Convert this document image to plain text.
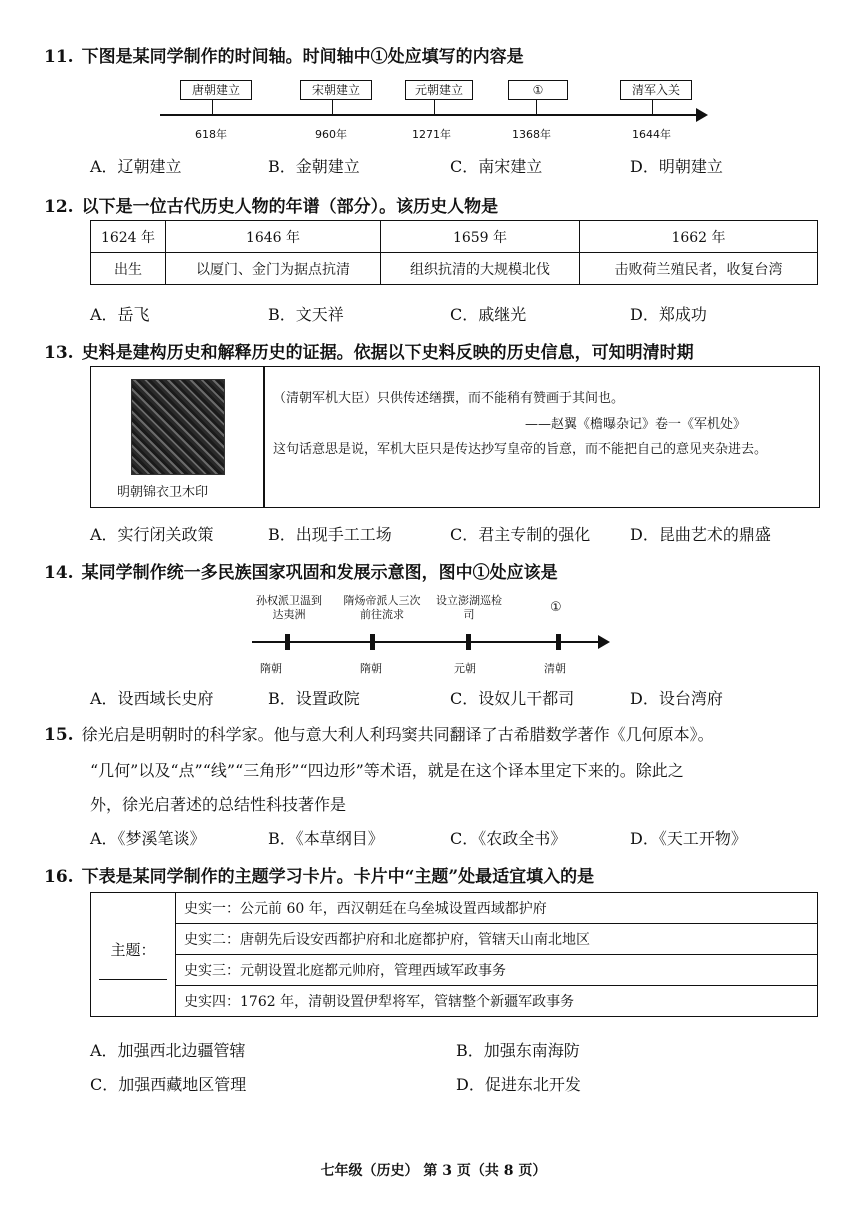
11. 下图是某同学制作的时间轴。时间轴中①处应填写的内容是
唐朝建立
618年
宋朝建立
960年
元朝建立
1271年
①
1368年
清军入关
1644年
A．辽朝建立	B．金朝建立	C．南宋建立	D．明朝建立
12. 以下是一位古代历史人物的年谱（部分）。该历史人物是
1624 年	1646 年	1659 年	1662 年
出生	以厦门、金门为据点抗清	组织抗清的大规模北伐	击败荷兰殖民者，收复台湾
A．岳飞	B．文天祥	C．戚继光	D．郑成功
13. 史料是建构历史和解释历史的证据。依据以下史料反映的历史信息，可知明清时期
明朝锦衣卫木印
（清朝军机大臣）只供传述缮撰，而不能稍有赞画于其间也。
——赵翼《檐曝杂记》卷一《军机处》
这句话意思是说，军机大臣只是传达抄写皇帝的旨意，而不能把自己的意见夹杂进去。
A．实行闭关政策	B．出现手工工场	C．君主专制的强化 D．昆曲艺术的鼎盛
14. 某同学制作统一多民族国家巩固和发展示意图，图中①处应该是
孙权派卫温到达夷洲
隋朝
隋炀帝派人三次前往流求
隋朝
设立澎湖巡检司
元朝
①
清朝
A．设西域长史府	B．设置政院	C．设奴儿干都司	D．设台湾府
15. 徐光启是明朝时的科学家。他与意大利人利玛窦共同翻译了古希腊数学著作《几何原本》。
“几何”以及“点”“线”“三角形”“四边形”等术语，就是在这个译本里定下来的。除此之
外，徐光启著述的总结性科技著作是
A．《梦溪笔谈》	B．《本草纲目》	C．《农政全书》	D．《天工开物》
16. 下表是某同学制作的主题学习卡片。卡片中“主题”处最适宜填入的是
主题：
	史实一：公元前 60 年，西汉朝廷在乌垒城设置西域都护府
史实二：唐朝先后设安西都护府和北庭都护府，管辖天山南北地区
史实三：元朝设置北庭都元帅府，管理西域军政事务
史实四：1762 年，清朝设置伊犁将军，管辖整个新疆军政事务
A．加强西北边疆管辖	B．加强东南海防
C．加强西藏地区管理	D．促进东北开发
七年级（历史） 第 3 页（共 8 页）
